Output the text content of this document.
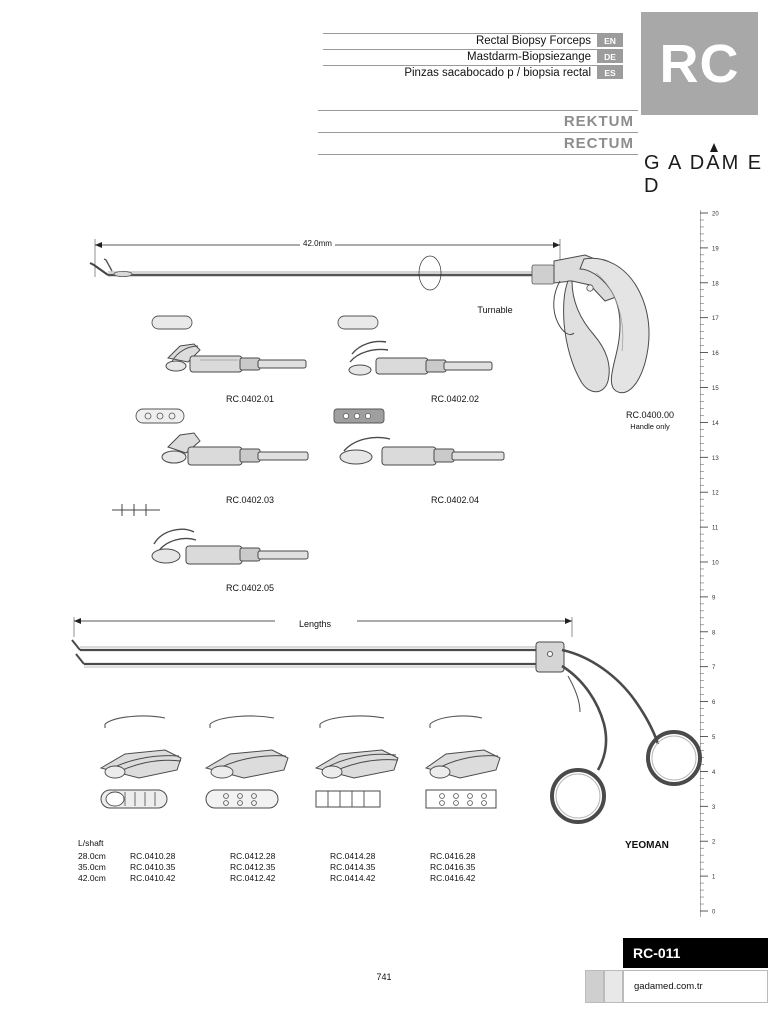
RC
Rectal Biopsy Forceps	EN
Mastdarm-Biopsiezange	DE
Pinzas sacabocado p / biopsia rectal	ES
REKTUM
RECTUM
G A DAM E D
20
19
18
17
16
15
14
13
12
11
10
9
8
7
6
5
4
3
2
1
0
42.0mm
Turnable
RC.0400.00
Handle only
RC.0402.01	RC.0402.02
RC.0402.03	RC.0402.04
RC.0402.05
Lengths
YEOMAN
L/shaft
28.0cm	RC.0410.28	RC.0412.28	RC.0414.28	RC.0416.28
35.0cm	RC.0410.35	RC.0412.35	RC.0414.35	RC.0416.35
42.0cm	RC.0410.42	RC.0412.42	RC.0414.42	RC.0416.42
741
RC-011
gadamed.com.tr
